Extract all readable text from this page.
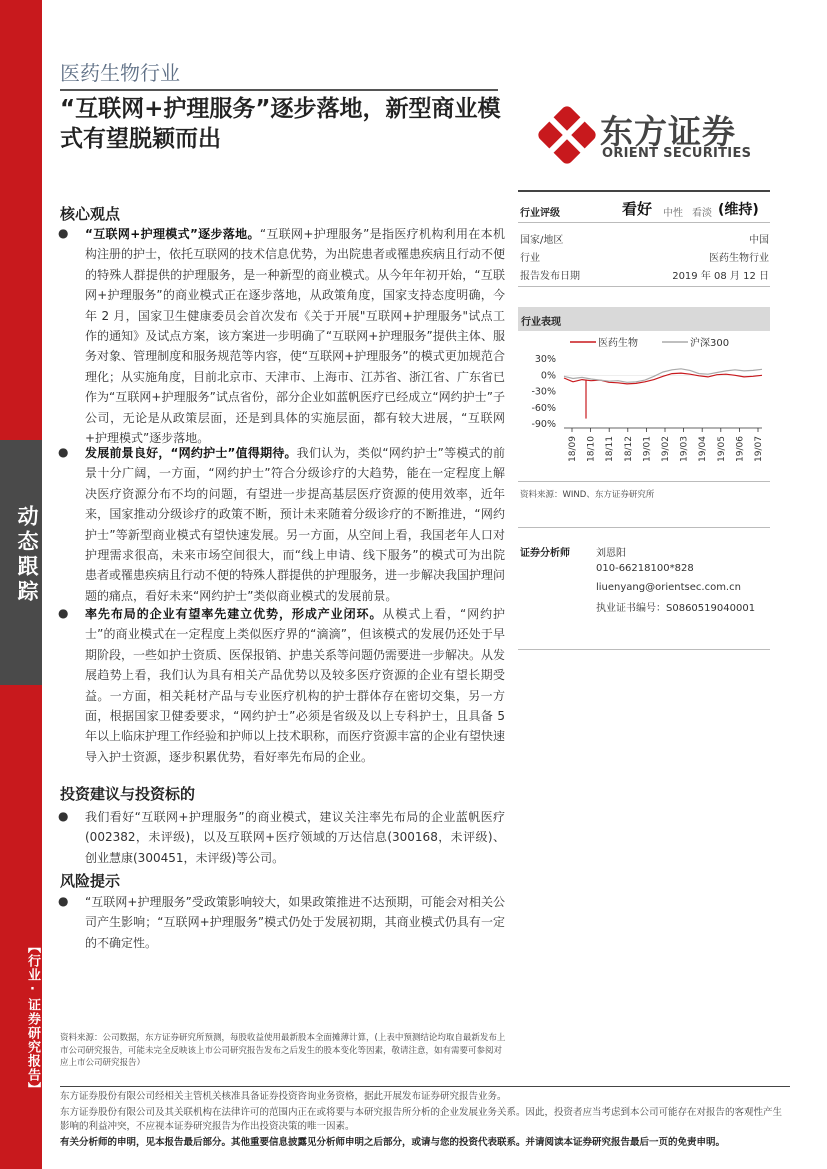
动态跟踪
【行业·证券研究报告】
医药生物行业
“互联网+护理服务”逐步落地，新型商业模式有望脱颖而出	东方证券
ORIENT SECURITIES
核心观点
● “互联网+护理模式”逐步落地。“互联网+护理服务”是指医疗机构利用在本机构注册的护士，依托互联网的技术信息优势，为出院患者或罹患疾病且行动不便的特殊人群提供的护理服务，是一种新型的商业模式。从今年年初开始，“互联网+护理服务”的商业模式正在逐步落地，从政策角度，国家支持态度明确，今年 2 月，国家卫生健康委员会首次发布《关于开展"互联网+护理服务"试点工作的通知》及试点方案，该方案进一步明确了“互联网+护理服务”提供主体、服务对象、管理制度和服务规范等内容，使“互联网+护理服务”的模式更加规范合理化；从实施角度，目前北京市、天津市、上海市、江苏省、浙江省、广东省已作为“互联网+护理服务”试点省份，部分企业如蓝帆医疗已经成立“网约护士”子公司，无论是从政策层面，还是到具体的实施层面，都有较大进展，“互联网+护理模式”逐步落地。
● 发展前景良好，“网约护士”值得期待。我们认为，类似“网约护士”等模式的前景十分广阔，一方面，“网约护士”符合分级诊疗的大趋势，能在一定程度上解决医疗资源分布不均的问题，有望进一步提高基层医疗资源的使用效率，近年来，国家推动分级诊疗的政策不断，预计未来随着分级诊疗的不断推进，“网约护士”等新型商业模式有望快速发展。另一方面，从空间上看，我国老年人口对护理需求很高，未来市场空间很大，而“线上申请、线下服务”的模式可为出院患者或罹患疾病且行动不便的特殊人群提供的护理服务，进一步解决我国护理问题的痛点，看好未来“网约护士”类似商业模式的发展前景。
● 率先布局的企业有望率先建立优势，形成产业闭环。从模式上看，“网约护士”的商业模式在一定程度上类似医疗界的“滴滴”，但该模式的发展仍还处于早期阶段，一些如护士资质、医保报销、护患关系等问题仍需要进一步解决。从发展趋势上看，我们认为具有相关产品优势以及较多医疗资源的企业有望长期受益。一方面，相关耗材产品与专业医疗机构的护士群体存在密切交集，另一方面，根据国家卫健委要求，“网约护士”必须是省级及以上专科护士，且具备 5 年以上临床护理工作经验和护师以上技术职称，而医疗资源丰富的企业有望快速导入护士资源，逐步积累优势，看好率先布局的企业。
投资建议与投资标的
● 我们看好“互联网+护理服务”的商业模式，建议关注率先布局的企业蓝帆医疗(002382，未评级)，以及互联网+医疗领域的万达信息(300168，未评级)、创业慧康(300451，未评级)等公司。
风险提示
● “互联网+护理服务”受政策影响较大，如果政策推进不达预期，可能会对相关公司产生影响；“互联网+护理服务”模式仍处于发展初期，其商业模式仍具有一定的不确定性。
行业评级	看好 中性 看淡 (维持)
国家/地区	中国
行业	医药生物行业
报告发布日期	2019 年 08 月 12 日
行业表现
医药生物	沪深300
30%
0%
-30%
-60%
-90%
18/09 18/10 18/11 18/12 19/01 19/02 19/03 19/04 19/05 19/06 19/07
资料来源：WIND、东方证券研究所
证券分析师	刘恩阳
010-66218100*828
liuenyang@orientsec.com.cn
执业证书编号：S0860519040001
资料来源：公司数据，东方证券研究所预测，每股收益使用最新股本全面摊薄计算，(上表中预测结论均取自最新发布上市公司研究报告，可能未完全反映该上市公司研究报告发布之后发生的股本变化等因素，敬请注意，如有需要可参阅对应上市公司研究报告）
东方证券股份有限公司经相关主管机关核准具备证券投资咨询业务资格，据此开展发布证券研究报告业务。
东方证券股份有限公司及其关联机构在法律许可的范围内正在或将要与本研究报告所分析的企业发展业务关系。因此，投资者应当考虑到本公司可能存在对报告的客观性产生影响的利益冲突，不应视本证券研究报告为作出投资决策的唯一因素。
有关分析师的申明，见本报告最后部分。其他重要信息披露见分析师申明之后部分，或请与您的投资代表联系。并请阅读本证券研究报告最后一页的免责申明。
